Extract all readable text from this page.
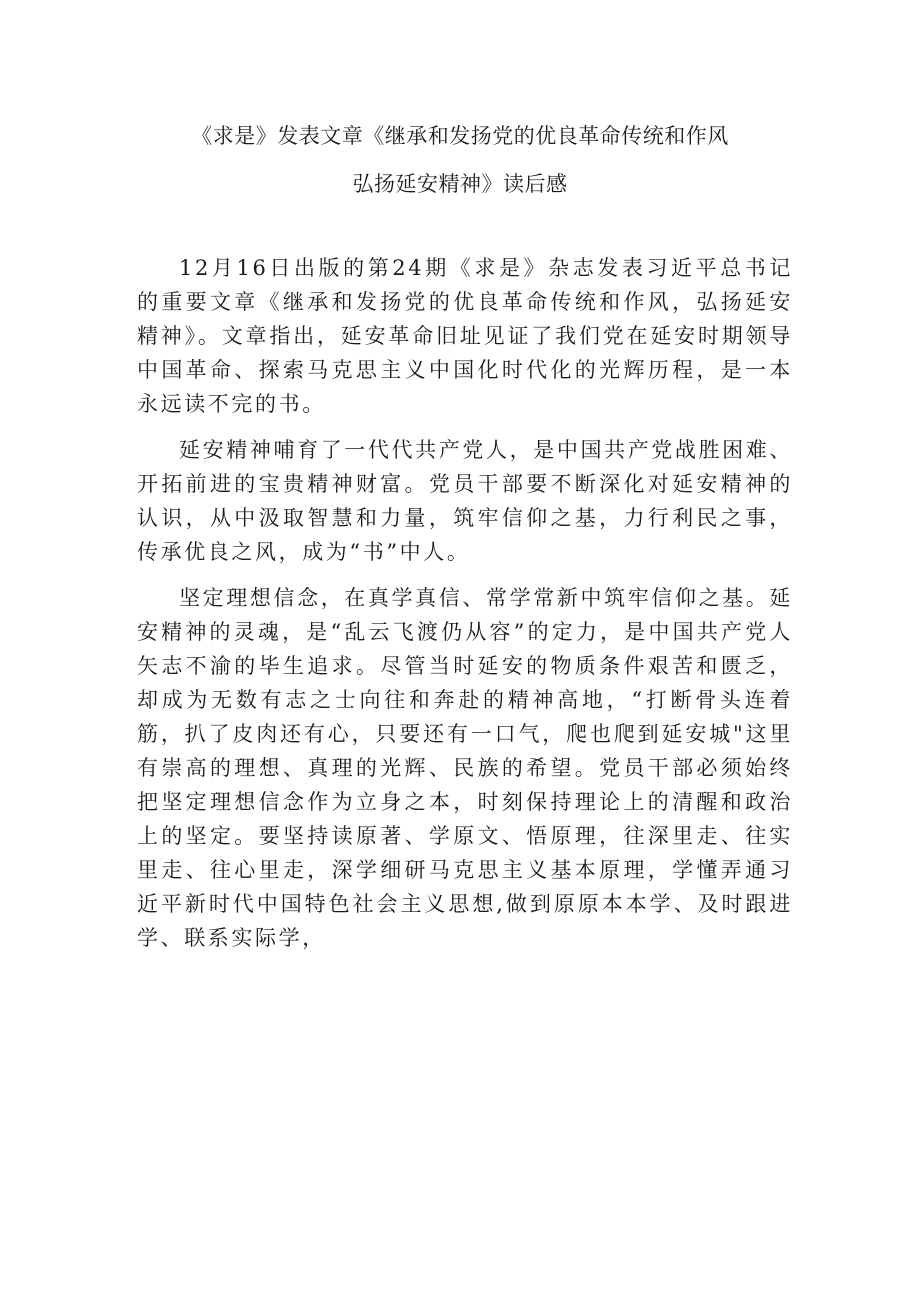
《求是》发表文章《继承和发扬党的优良革命传统和作风
弘扬延安精神》读后感

12月16日出版的第24期《求是》杂志发表习近平总书记的重要文章《继承和发扬党的优良革命传统和作风，弘扬延安精神》。文章指出，延安革命旧址见证了我们党在延安时期领导中国革命、探索马克思主义中国化时代化的光辉历程，是一本永远读不完的书。

延安精神哺育了一代代共产党人，是中国共产党战胜困难、开拓前进的宝贵精神财富。党员干部要不断深化对延安精神的认识，从中汲取智慧和力量，筑牢信仰之基，力行利民之事，传承优良之风，成为“书”中人。

坚定理想信念，在真学真信、常学常新中筑牢信仰之基。延安精神的灵魂，是“乱云飞渡仍从容”的定力，是中国共产党人矢志不渝的毕生追求。尽管当时延安的物质条件艰苦和匮乏，却成为无数有志之士向往和奔赴的精神高地，“打断骨头连着筋，扒了皮肉还有心，只要还有一口气，爬也爬到延安城"这里有崇高的理想、真理的光辉、民族的希望。党员干部必须始终把坚定理想信念作为立身之本，时刻保持理论上的清醒和政治上的坚定。要坚持读原著、学原文、悟原理，往深里走、往实里走、往心里走，深学细研马克思主义基本原理，学懂弄通习近平新时代中国特色社会主义思想,做到原原本本学、及时跟进学、联系实际学，
